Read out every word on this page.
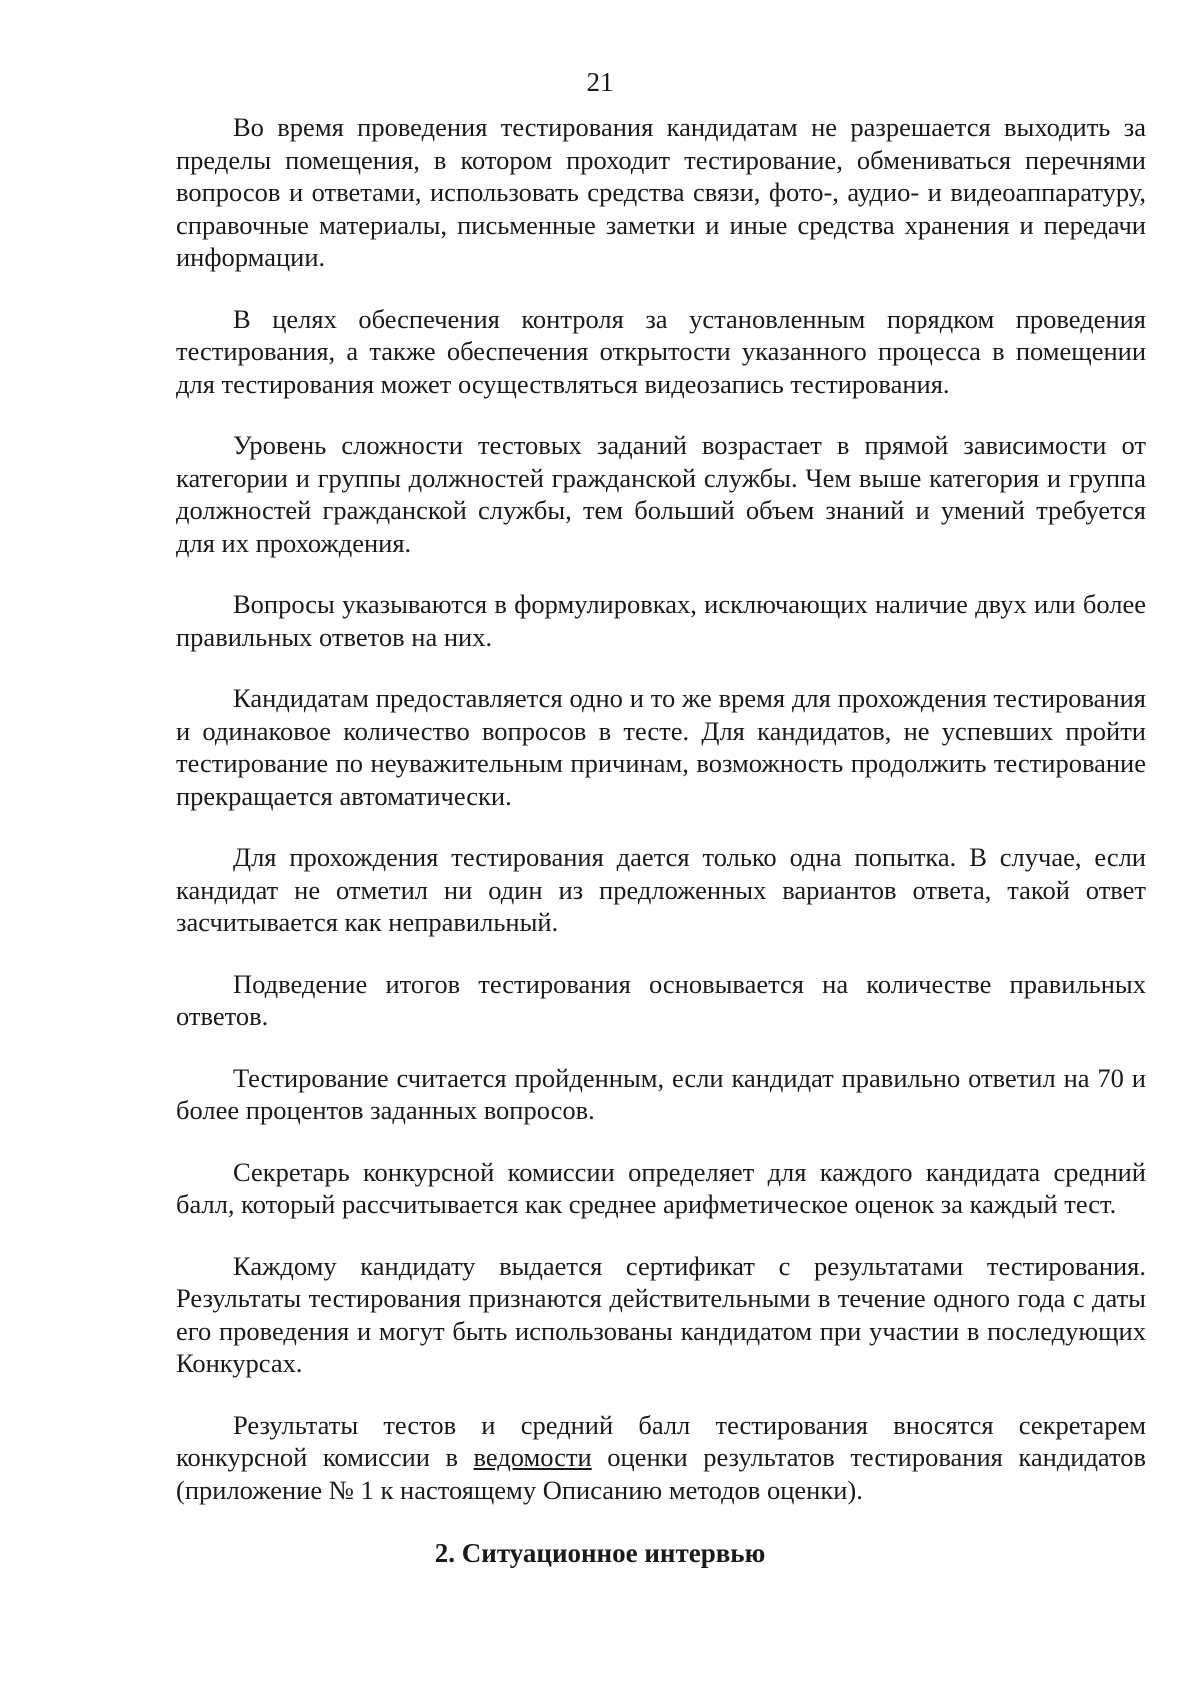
21

Во время проведения тестирования кандидатам не разрешается выходить за пределы помещения, в котором проходит тестирование, обмениваться перечнями вопросов и ответами, использовать средства связи, фото-, аудио- и видеоаппаратуру, справочные материалы, письменные заметки и иные средства хранения и передачи информации.

В целях обеспечения контроля за установленным порядком проведения тестирования, а также обеспечения открытости указанного процесса в помещении для тестирования может осуществляться видеозапись тестирования.

Уровень сложности тестовых заданий возрастает в прямой зависимости от категории и группы должностей гражданской службы. Чем выше категория и группа должностей гражданской службы, тем больший объем знаний и умений требуется для их прохождения.

Вопросы указываются в формулировках, исключающих наличие двух или более правильных ответов на них.

Кандидатам предоставляется одно и то же время для прохождения тестирования и одинаковое количество вопросов в тесте. Для кандидатов, не успевших пройти тестирование по неуважительным причинам, возможность продолжить тестирование прекращается автоматически.

Для прохождения тестирования дается только одна попытка. В случае, если кандидат не отметил ни один из предложенных вариантов ответа, такой ответ засчитывается как неправильный.

Подведение итогов тестирования основывается на количестве правильных ответов.

Тестирование считается пройденным, если кандидат правильно ответил на 70 и более процентов заданных вопросов.

Секретарь конкурсной комиссии определяет для каждого кандидата средний балл, который рассчитывается как среднее арифметическое оценок за каждый тест.

Каждому кандидату выдается сертификат с результатами тестирования. Результаты тестирования признаются действительными в течение одного года с даты его проведения и могут быть использованы кандидатом при участии в последующих Конкурсах.

Результаты тестов и средний балл тестирования вносятся секретарем конкурсной комиссии в ведомости оценки результатов тестирования кандидатов (приложение № 1 к настоящему Описанию методов оценки).

2. Ситуационное интервью
